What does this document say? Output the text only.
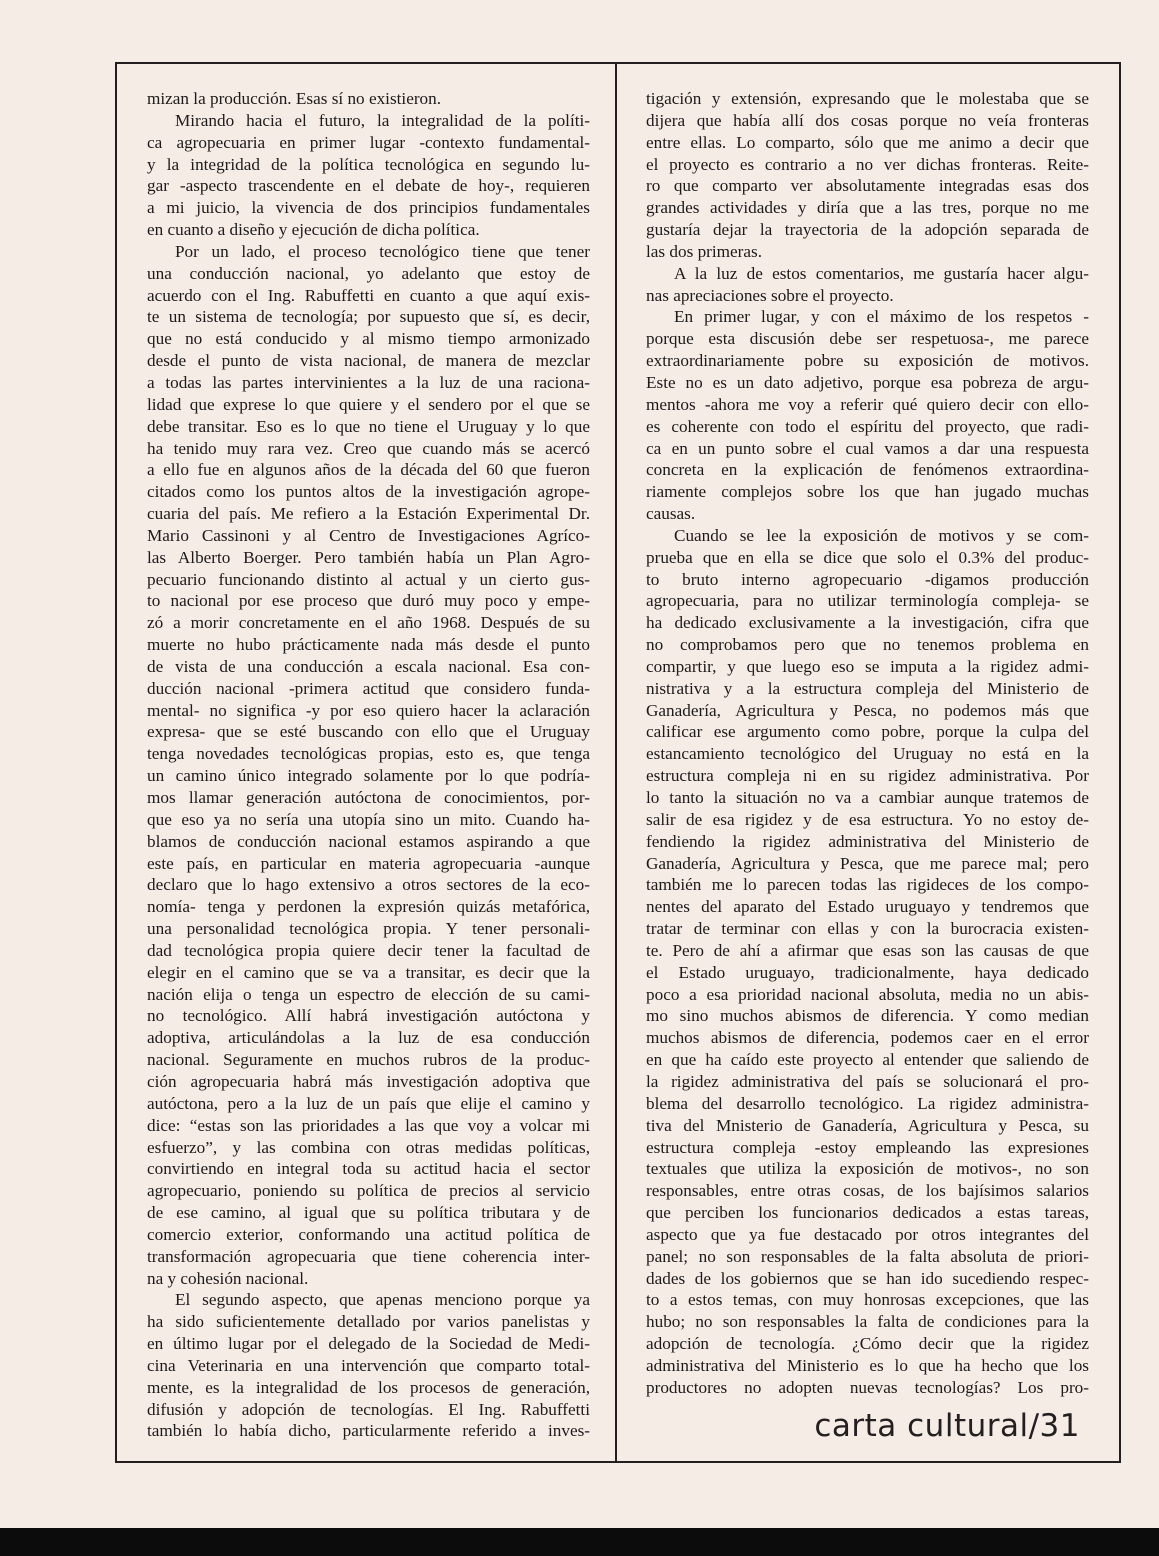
mizan la producción. Esas sí no existieron.
Mirando hacia el futuro, la integralidad de la políti-
ca agropecuaria en primer lugar -contexto fundamental-
y la integridad de la política tecnológica en segundo lu-
gar -aspecto trascendente en el debate de hoy-, requieren
a mi juicio, la vivencia de dos principios fundamentales
en cuanto a diseño y ejecución de dicha política.
Por un lado, el proceso tecnológico tiene que tener
una conducción nacional, yo adelanto que estoy de
acuerdo con el Ing. Rabuffetti en cuanto a que aquí exis-
te un sistema de tecnología; por supuesto que sí, es decir,
que no está conducido y al mismo tiempo armonizado
desde el punto de vista nacional, de manera de mezclar
a todas las partes intervinientes a la luz de una raciona-
lidad que exprese lo que quiere y el sendero por el que se
debe transitar. Eso es lo que no tiene el Uruguay y lo que
ha tenido muy rara vez. Creo que cuando más se acercó
a ello fue en algunos años de la década del 60 que fueron
citados como los puntos altos de la investigación agrope-
cuaria del país. Me refiero a la Estación Experimental Dr.
Mario Cassinoni y al Centro de Investigaciones Agríco-
las Alberto Boerger. Pero también había un Plan Agro-
pecuario funcionando distinto al actual y un cierto gus-
to nacional por ese proceso que duró muy poco y empe-
zó a morir concretamente en el año 1968. Después de su
muerte no hubo prácticamente nada más desde el punto
de vista de una conducción a escala nacional. Esa con-
ducción nacional -primera actitud que considero funda-
mental- no significa -y por eso quiero hacer la aclaración
expresa- que se esté buscando con ello que el Uruguay
tenga novedades tecnológicas propias, esto es, que tenga
un camino único integrado solamente por lo que podría-
mos llamar generación autóctona de conocimientos, por-
que eso ya no sería una utopía sino un mito. Cuando ha-
blamos de conducción nacional estamos aspirando a que
este país, en particular en materia agropecuaria -aunque
declaro que lo hago extensivo a otros sectores de la eco-
nomía- tenga y perdonen la expresión quizás metafórica,
una personalidad tecnológica propia. Y tener personali-
dad tecnológica propia quiere decir tener la facultad de
elegir en el camino que se va a transitar, es decir que la
nación elija o tenga un espectro de elección de su cami-
no tecnológico. Allí habrá investigación autóctona y
adoptiva, articulándolas a la luz de esa conducción
nacional. Seguramente en muchos rubros de la produc-
ción agropecuaria habrá más investigación adoptiva que
autóctona, pero a la luz de un país que elije el camino y
dice: “estas son las prioridades a las que voy a volcar mi
esfuerzo”, y las combina con otras medidas políticas,
convirtiendo en integral toda su actitud hacia el sector
agropecuario, poniendo su política de precios al servicio
de ese camino, al igual que su política tributara y de
comercio exterior, conformando una actitud política de
transformación agropecuaria que tiene coherencia inter-
na y cohesión nacional.
El segundo aspecto, que apenas menciono porque ya
ha sido suficientemente detallado por varios panelistas y
en último lugar por el delegado de la Sociedad de Medi-
cina Veterinaria en una intervención que comparto total-
mente, es la integralidad de los procesos de generación,
difusión y adopción de tecnologías. El Ing. Rabuffetti
también lo había dicho, particularmente referido a inves-
tigación y extensión, expresando que le molestaba que se
dijera que había allí dos cosas porque no veía fronteras
entre ellas. Lo comparto, sólo que me animo a decir que
el proyecto es contrario a no ver dichas fronteras. Reite-
ro que comparto ver absolutamente integradas esas dos
grandes actividades y diría que a las tres, porque no me
gustaría dejar la trayectoria de la adopción separada de
las dos primeras.
A la luz de estos comentarios, me gustaría hacer algu-
nas apreciaciones sobre el proyecto.
En primer lugar, y con el máximo de los respetos -
porque esta discusión debe ser respetuosa-, me parece
extraordinariamente pobre su exposición de motivos.
Este no es un dato adjetivo, porque esa pobreza de argu-
mentos -ahora me voy a referir qué quiero decir con ello-
es coherente con todo el espíritu del proyecto, que radi-
ca en un punto sobre el cual vamos a dar una respuesta
concreta en la explicación de fenómenos extraordina-
riamente complejos sobre los que han jugado muchas
causas.
Cuando se lee la exposición de motivos y se com-
prueba que en ella se dice que solo el 0.3% del produc-
to bruto interno agropecuario -digamos producción
agropecuaria, para no utilizar terminología compleja- se
ha dedicado exclusivamente a la investigación, cifra que
no comprobamos pero que no tenemos problema en
compartir, y que luego eso se imputa a la rigidez admi-
nistrativa y a la estructura compleja del Ministerio de
Ganadería, Agricultura y Pesca, no podemos más que
calificar ese argumento como pobre, porque la culpa del
estancamiento tecnológico del Uruguay no está en la
estructura compleja ni en su rigidez administrativa. Por
lo tanto la situación no va a cambiar aunque tratemos de
salir de esa rigidez y de esa estructura. Yo no estoy de-
fendiendo la rigidez administrativa del Ministerio de
Ganadería, Agricultura y Pesca, que me parece mal; pero
también me lo parecen todas las rigideces de los compo-
nentes del aparato del Estado uruguayo y tendremos que
tratar de terminar con ellas y con la burocracia existen-
te. Pero de ahí a afirmar que esas son las causas de que
el Estado uruguayo, tradicionalmente, haya dedicado
poco a esa prioridad nacional absoluta, media no un abis-
mo sino muchos abismos de diferencia. Y como median
muchos abismos de diferencia, podemos caer en el error
en que ha caído este proyecto al entender que saliendo de
la rigidez administrativa del país se solucionará el pro-
blema del desarrollo tecnológico. La rigidez administra-
tiva del Mnisterio de Ganadería, Agricultura y Pesca, su
estructura compleja -estoy empleando las expresiones
textuales que utiliza la exposición de motivos-, no son
responsables, entre otras cosas, de los bajísimos salarios
que perciben los funcionarios dedicados a estas tareas,
aspecto que ya fue destacado por otros integrantes del
panel; no son responsables de la falta absoluta de priori-
dades de los gobiernos que se han ido sucediendo respec-
to a estos temas, con muy honrosas excepciones, que las
hubo; no son responsables la falta de condiciones para la
adopción de tecnología. ¿Cómo decir que la rigidez
administrativa del Ministerio es lo que ha hecho que los
productores no adopten nuevas tecnologías? Los pro-
carta cultural/31
